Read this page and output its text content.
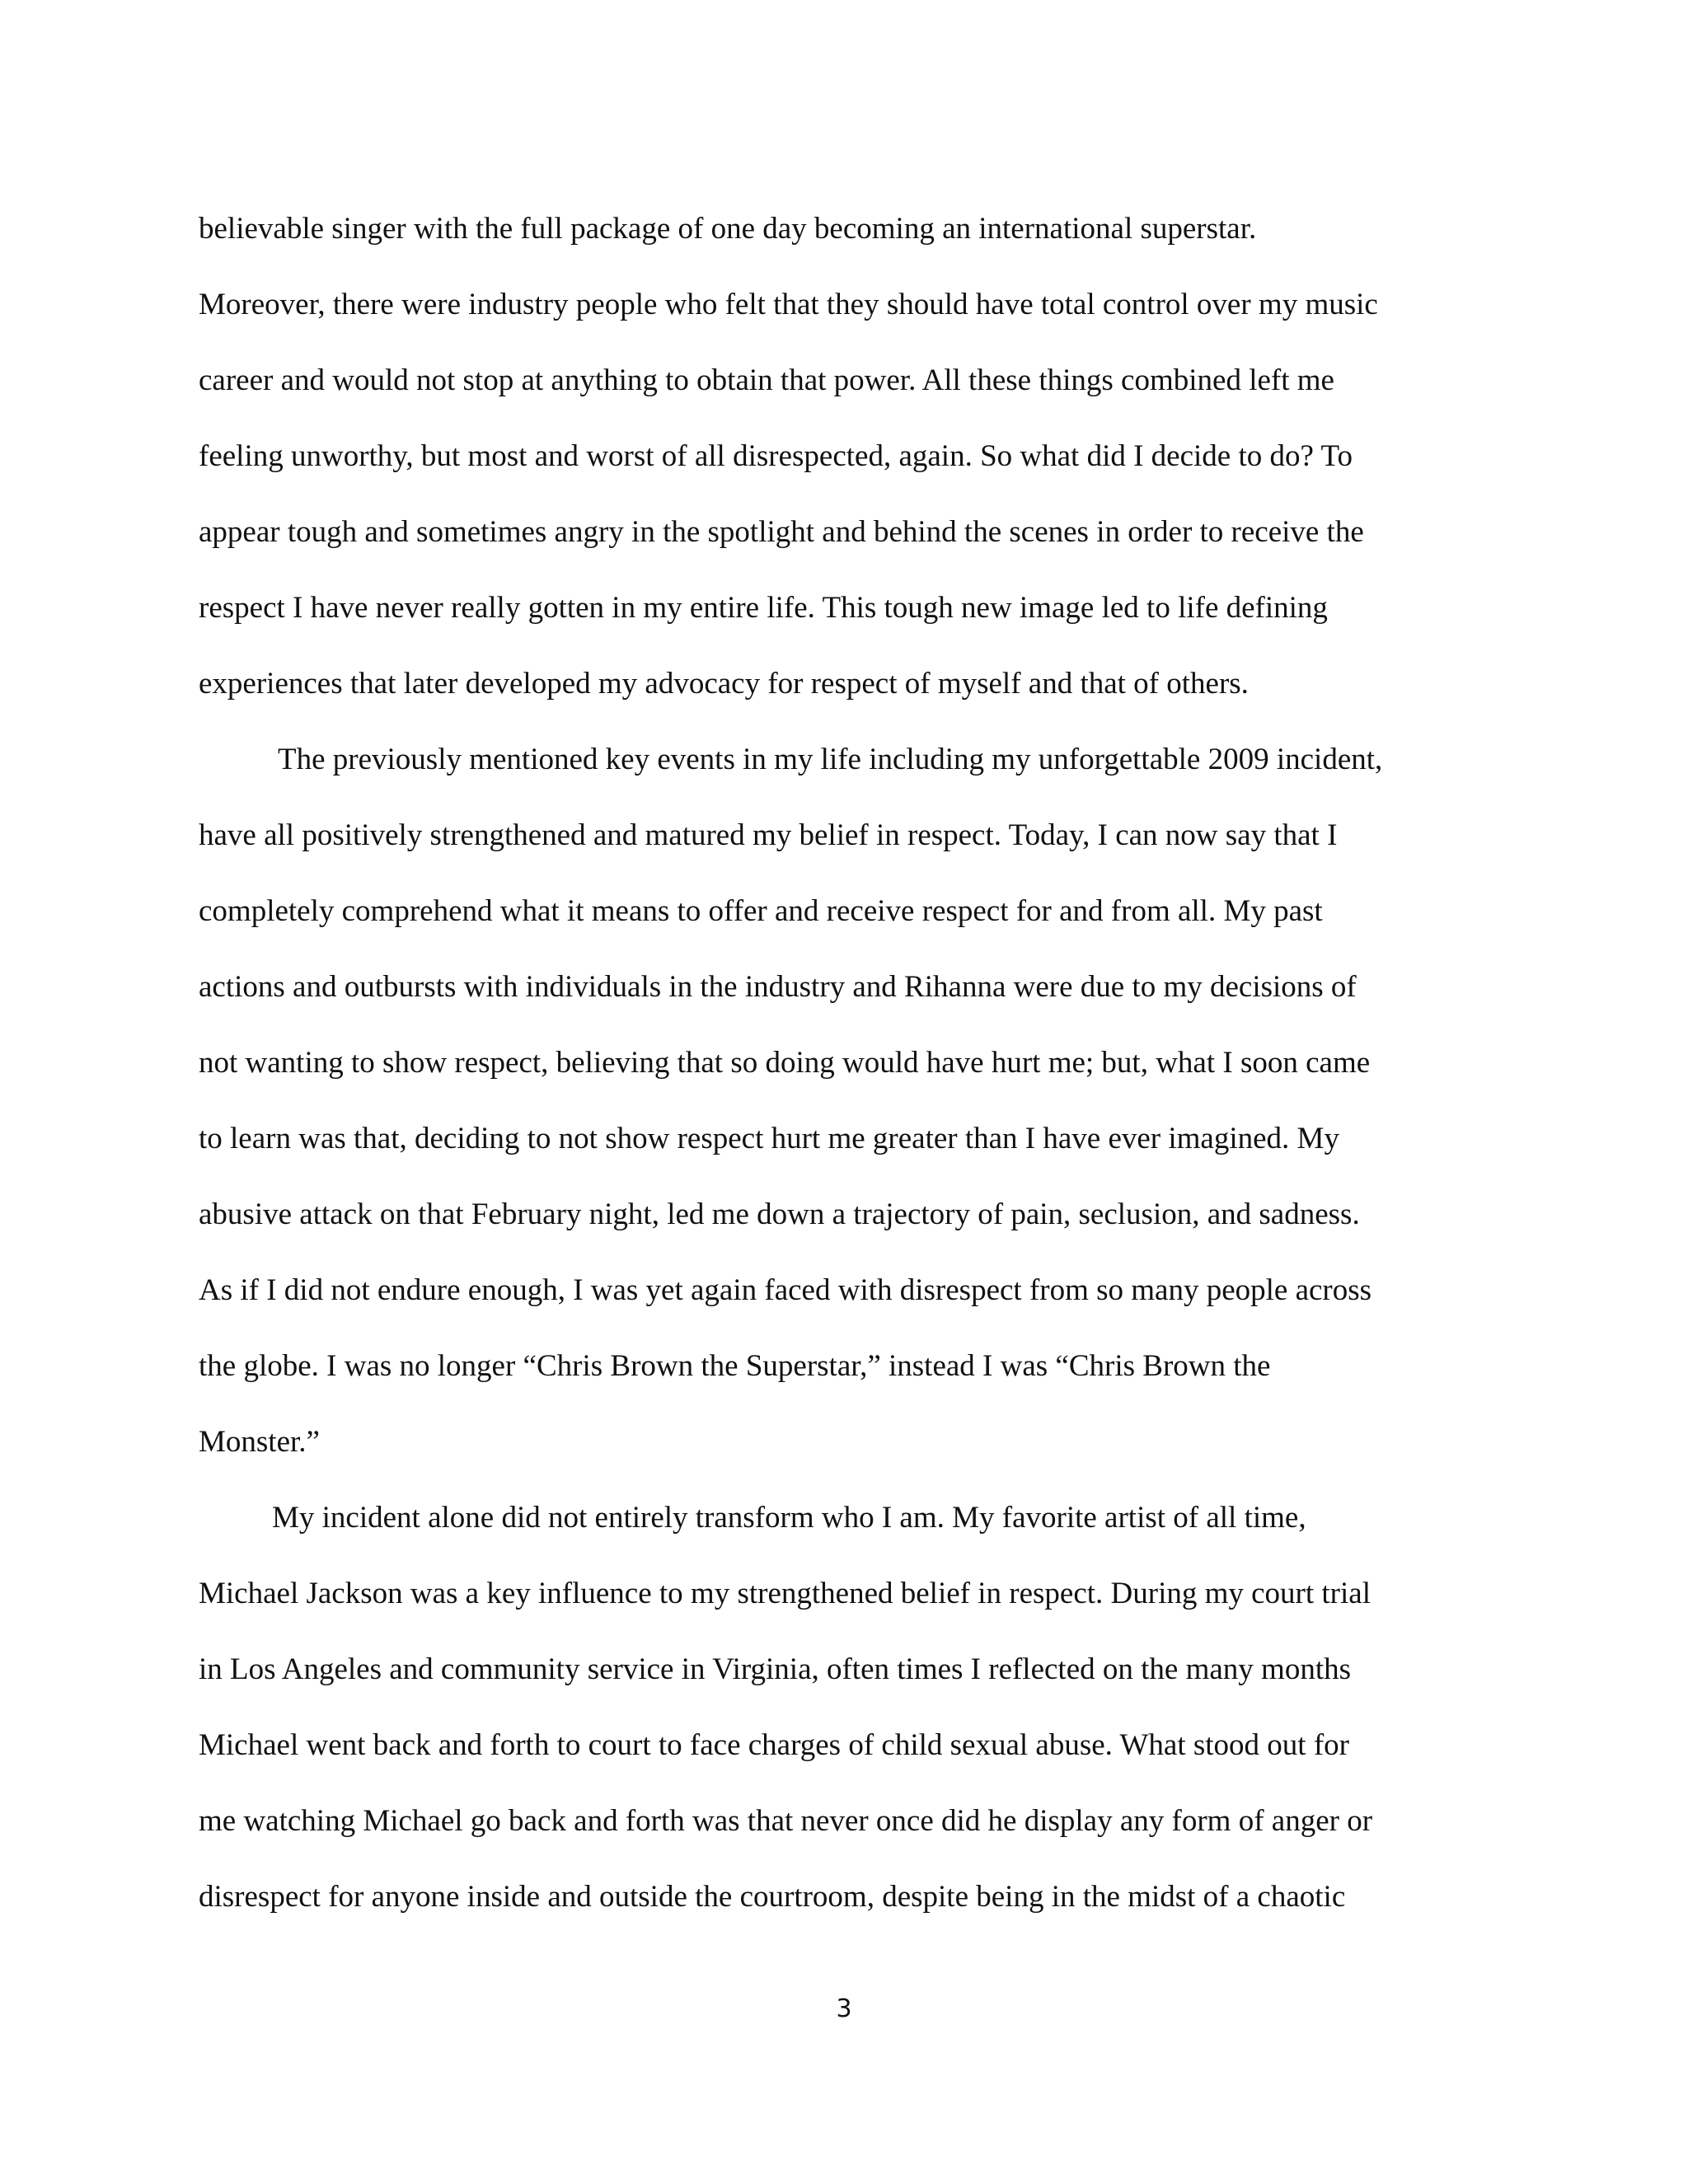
believable singer with the full package of one day becoming an international superstar.
Moreover, there were industry people who felt that they should have total control over my music
career and would not stop at anything to obtain that power. All these things combined left me
feeling unworthy, but most and worst of all disrespected, again. So what did I decide to do? To
appear tough and sometimes angry in the spotlight and behind the scenes in order to receive the
respect I have never really gotten in my entire life. This tough new image led to life defining
experiences that later developed my advocacy for respect of myself and that of others.
The previously mentioned key events in my life including my unforgettable 2009 incident,
have all positively strengthened and matured my belief in respect. Today, I can now say that I
completely comprehend what it means to offer and receive respect for and from all. My past
actions and outbursts with individuals in the industry and Rihanna were due to my decisions of
not wanting to show respect, believing that so doing would have hurt me; but, what I soon came
to learn was that, deciding to not show respect hurt me greater than I have ever imagined. My
abusive attack on that February night, led me down a trajectory of pain, seclusion, and sadness.
As if I did not endure enough, I was yet again faced with disrespect from so many people across
the globe. I was no longer “Chris Brown the Superstar,” instead I was “Chris Brown the
Monster.”
My incident alone did not entirely transform who I am. My favorite artist of all time,
Michael Jackson was a key influence to my strengthened belief in respect. During my court trial
in Los Angeles and community service in Virginia, often times I reflected on the many months
Michael went back and forth to court to face charges of child sexual abuse. What stood out for
me watching Michael go back and forth was that never once did he display any form of anger or
disrespect for anyone inside and outside the courtroom, despite being in the midst of a chaotic
3
